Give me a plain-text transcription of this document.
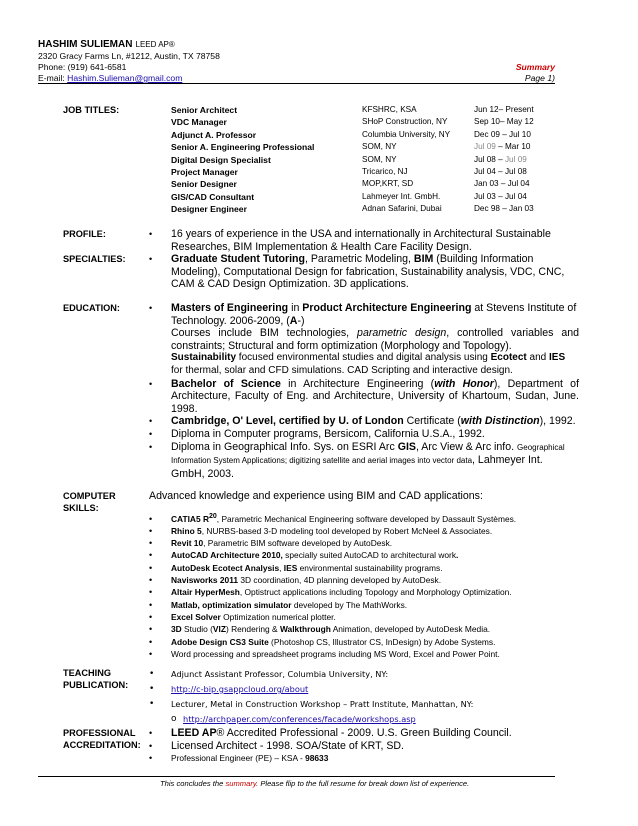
HASHIM SULIEMAN LEED AP®
2320 Gracy Farms Ln, #1212, Austin, TX 78758
Phone: (919) 641-6581
E-mail: Hashim.Sulieman@gmail.com
Summary
Page 1)
JOB TITLES:	Senior Architect	KFSHRC, KSA	Jun 12– Present
VDC Manager	SHoP Construction, NY	Sep 10– May 12
Adjunct A. Professor	Columbia University, NY	Dec 09 – Jul 10
Senior A. Engineering Professional	SOM, NY	Jul 09 – Mar 10
Digital Design Specialist	SOM, NY	Jul 08 – Jul 09
Project Manager	Tricarico, NJ	Jul 04 – Jul 08
Senior Designer	MOP,KRT, SD	Jan 03 – Jul 04
GIS/CAD Consultant	Lahmeyer Int. GmbH.	Jul 03 – Jul 04
Designer Engineer	Adnan Safarini, Dubai	Dec 98 – Jan 03
PROFILE:	•	16 years of experience in the USA and internationally in Architectural Sustainable Researches, BIM Implementation & Health Care Facility Design.
SPECIALTIES:	•	Graduate Student Tutoring, Parametric Modeling, BIM (Building Information Modeling), Computational Design for fabrication, Sustainability analysis, VDC, CNC, CAM & CAD Design Optimization. 3D applications.
EDUCATION:	•	Masters of Engineering in Product Architecture Engineering at Stevens Institute of Technology. 2006-2009, (A-)
Courses include BIM technologies, parametric design, controlled variables and constraints; Structural and form optimization (Morphology and Topology).
Sustainability focused environmental studies and digital analysis using Ecotect and IES for thermal, solar and CFD simulations. CAD Scripting and interactive design.
•	Bachelor of Science in Architecture Engineering (with Honor), Department of Architecture, Faculty of Eng. and Architecture, University of Khartoum, Sudan, June. 1998.
•	Cambridge, O' Level, certified by U. of London Certificate (with Distinction), 1992.
•	Diploma in Computer programs, Bersicom, California U.S.A., 1992.
•	Diploma in Geographical Info. Sys. on ESRI Arc GIS, Arc View & Arc info. Geographical Information System Applications; digitizing satellite and aerial images into vector data, Lahmeyer Int. GmbH, 2003.
COMPUTER
SKILLS:
Advanced knowledge and experience using BIM and CAD applications:
•	CATIA5 $R^{20}$, Parametric Mechanical Engineering software developed by Dassault Systèmes.
•	Rhino 5, NURBS-based 3-D modeling tool developed by Robert McNeel & Associates.
•	Revit 10, Parametric BIM software developed by AutoDesk.
•	AutoCAD Architecture 2010, specially suited AutoCAD to architectural work.
•	AutoDesk Ecotect Analysis, IES environmental sustainability programs.
•	Navisworks 2011 3D coordination, 4D planning developed by AutoDesk.
•	Altair HyperMesh, Optistruct applications including Topology and Morphology Optimization.
•	Matlab, optimization simulator developed by The MathWorks.
•	Excel Solver Optimization numerical plotter.
•	3D Studio (VIZ) Rendering & Walkthrough Animation, developed by AutoDesk Media.
•	Adobe Design CS3 Suite (Photoshop CS, Illustrator CS, InDesign) by Adobe Systems.
•	Word processing and spreadsheet programs including MS Word, Excel and Power Point.
TEACHING
PUBLICATION:
•	Adjunct Assistant Professor, Columbia University, NY:
•	http://c-bip.gsappcloud.org/about
•	Lecturer, Metal in Construction Workshop – Pratt Institute, Manhattan, NY:
o http://archpaper.com/conferences/facade/workshops.asp
PROFESSIONAL
ACCREDITATION:
•	LEED AP® Accredited Professional - 2009. U.S. Green Building Council.
•	Licensed Architect - 1998. SOA/State of KRT, SD.
•	Professional Engineer (PE) – KSA - 98633
This concludes the summary. Please flip to the full resume for break down list of experience.
